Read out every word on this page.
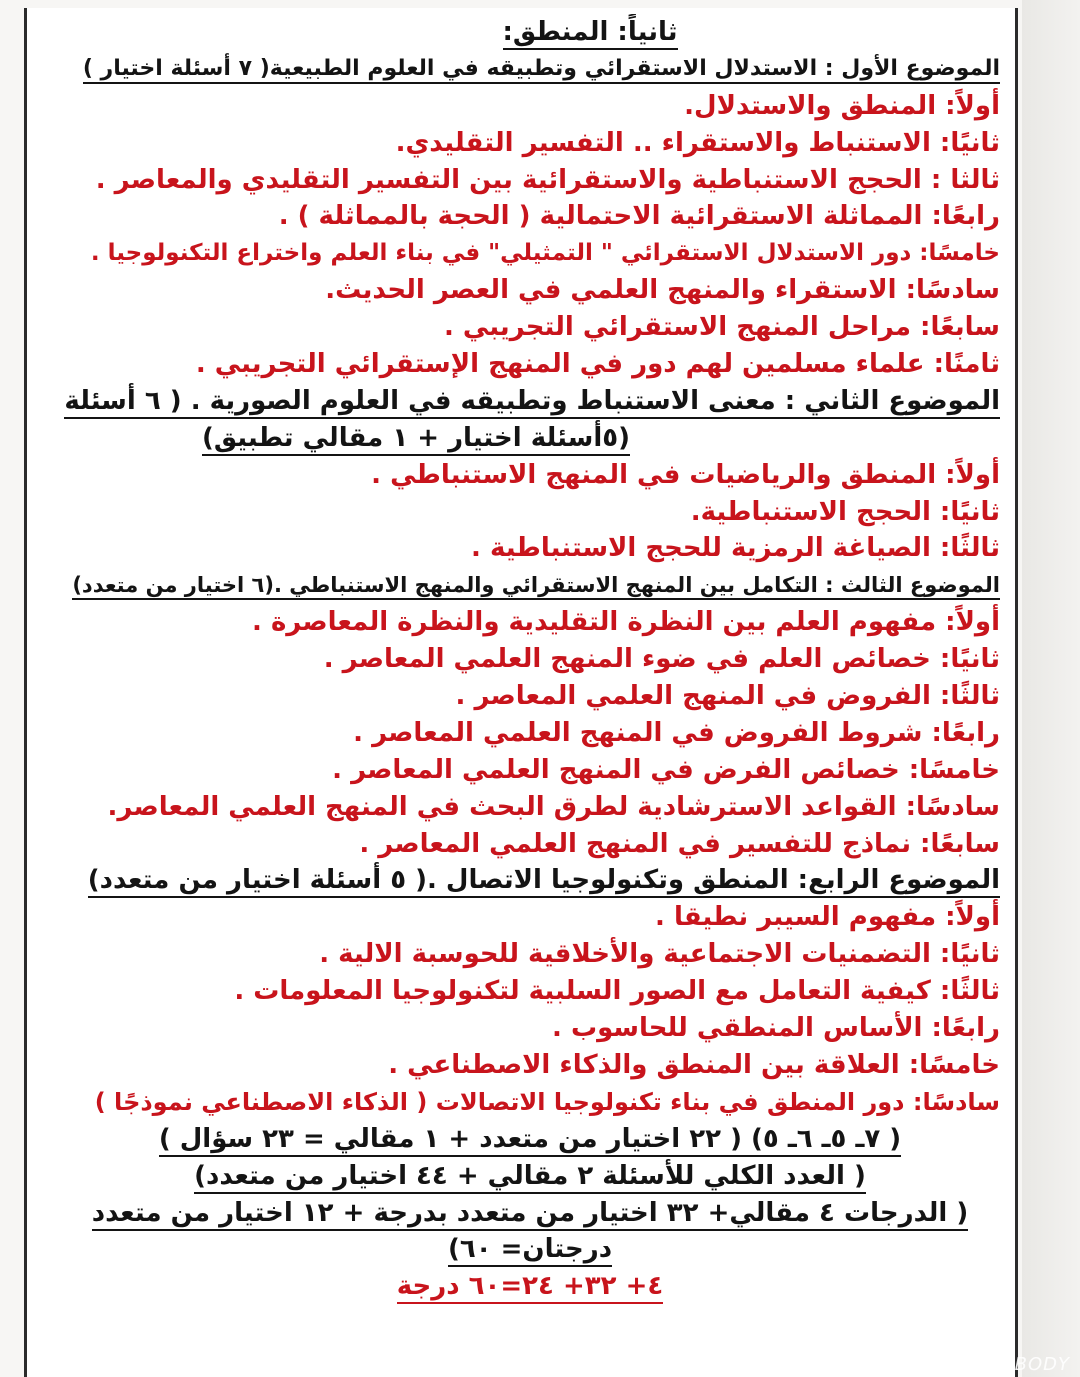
ثانياً: المنطق:
الموضوع الأول : الاستدلال الاستقرائي وتطبيقه في العلوم الطبيعية( ٧ أسئلة اختيار )
أولاً: المنطق والاستدلال.
ثانيًا: الاستنباط والاستقراء .. التفسير التقليدي.
ثالثا : الحجج الاستنباطية والاستقرائية بين التفسير التقليدي والمعاصر .
رابعًا: المماثلة الاستقرائية الاحتمالية ( الحجة بالمماثلة ) .
خامسًا: دور الاستدلال الاستقرائي " التمثيلي" في بناء العلم واختراع التكنولوجيا .
سادسًا: الاستقراء والمنهج العلمي في العصر الحديث.
سابعًا: مراحل المنهج الاستقرائي التجريبي .
ثامنًا: علماء مسلمين لهم دور في المنهج الإستقرائي التجريبي .
الموضوع الثاني : معنى الاستنباط وتطبيقه في العلوم الصورية . ( ٦ أسئلة
(٥أسئلة اختيار + ١ مقالي تطبيق)
أولاً: المنطق والرياضيات في المنهج الاستنباطي .
ثانيًا: الحجج الاستنباطية.
ثالثًا: الصياغة الرمزية للحجج الاستنباطية .
الموضوع الثالث : التكامل بين المنهج الاستقرائي والمنهج الاستنباطي .(٦ اختيار من متعدد)
أولاً: مفهوم العلم بين النظرة التقليدية والنظرة المعاصرة .
ثانيًا: خصائص العلم في ضوء المنهج العلمي المعاصر .
ثالثًا: الفروض في المنهج العلمي المعاصر .
رابعًا: شروط الفروض في المنهج العلمي المعاصر .
خامسًا: خصائص الفرض في المنهج العلمي المعاصر .
سادسًا: القواعد الاسترشادية لطرق البحث في المنهج العلمي المعاصر.
سابعًا: نماذج للتفسير في المنهج العلمي المعاصر .
الموضوع الرابع: المنطق وتكنولوجيا الاتصال .( ٥ أسئلة اختيار من متعدد)
أولاً: مفهوم السيبر نطيقا .
ثانيًا: التضمنيات الاجتماعية والأخلاقية للحوسبة الالية .
ثالثًا: كيفية التعامل مع الصور السلبية لتكنولوجيا المعلومات .
رابعًا: الأساس المنطقي للحاسوب .
خامسًا: العلاقة بين المنطق والذكاء الاصطناعي .
سادسًا: دور المنطق في بناء تكنولوجيا الاتصالات ( الذكاء الاصطناعي نموذجًا )
( ٧ـ ٥ـ ٦ـ ٥) ( ٢٢ اختيار من متعدد + ١ مقالي = ٢٣ سؤال )
( العدد الكلي للأسئلة ٢ مقالي + ٤٤ اختيار من متعدد)
( الدرجات ٤ مقالي+ ٣٢ اختيار من متعدد بدرجة + ١٢ اختيار من متعدد
درجتان= ٦٠)
٤+ ٣٢+ ٢٤=٦٠ درجة
BODY
